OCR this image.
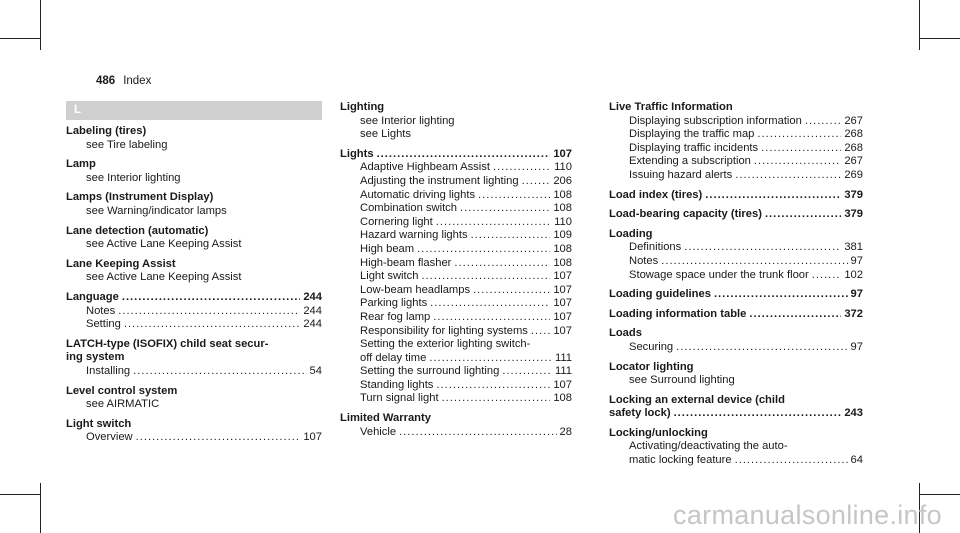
486 Index
L
Labeling (tires)
see Tire labeling
Lamp
see Interior lighting
Lamps (Instrument Display)
see Warning/indicator lamps
Lane detection (automatic)
see Active Lane Keeping Assist
Lane Keeping Assist
see Active Lane Keeping Assist
Language .....	244
Notes .....	244
Setting .....	244
LATCH-type (ISOFIX) child seat secur-
ing system
Installing .....	54
Level control system
see AIRMATIC
Light switch
Overview .....	107
Lighting
see Interior lighting
see Lights
Lights .....	107
Adaptive Highbeam Assist .....	110
Adjusting the instrument lighting .....	206
Automatic driving lights .....	108
Combination switch .....	108
Cornering light .....	110
Hazard warning lights .....	109
High beam .....	108
High-beam flasher .....	108
Light switch .....	107
Low-beam headlamps .....	107
Parking lights .....	107
Rear fog lamp .....	107
Responsibility for lighting systems ..... 107
Setting the exterior lighting switch-
off delay time .....	111
Setting the surround lighting .....	111
Standing lights .....	107
Turn signal light .....	108
Limited Warranty
Vehicle .....	28
Live Traffic Information
Displaying subscription information .....	267
Displaying the traffic map .....	268
Displaying traffic incidents .....	268
Extending a subscription .....	267
Issuing hazard alerts .....	269
Load index (tires) .....	379
Load-bearing capacity (tires) .....	379
Loading
Definitions .....	381
Notes .....	97
Stowage space under the trunk floor .....	102
Loading guidelines .....	97
Loading information table .....	372
Loads
Securing .....	97
Locator lighting
see Surround lighting
Locking an external device (child
safety lock) .....	243
Locking/unlocking
Activating/deactivating the auto-
matic locking feature .....	64
carmanualsonline.info
